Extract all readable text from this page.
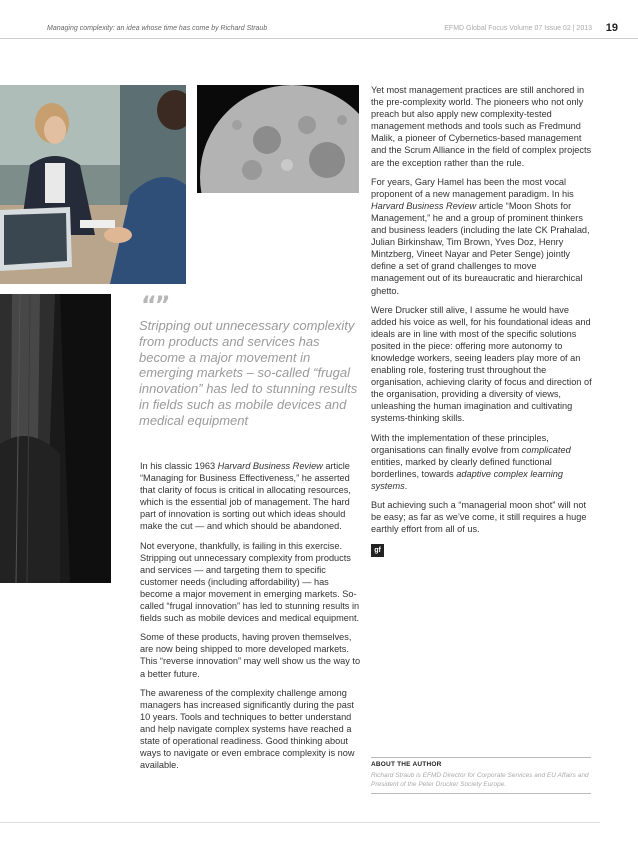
Managing complexity: an idea whose time has come by Richard Straub	EFMD Global Focus Volume 07 Issue 02 | 2013 19
“”
Stripping out unnecessary complexity from products and services has become a major movement in emerging markets – so-called “frugal innovation” has led to stunning results in fields such as mobile devices and medical equipment

In his classic 1963 Harvard Business Review article “Managing for Business Effectiveness,” he asserted that clarity of focus is critical in allocating resources, which is the essential job of management. The hard part of innovation is sorting out which ideas should make the cut — and which should be abandoned.

Not everyone, thankfully, is failing in this exercise. Stripping out unnecessary complexity from products and services — and targeting them to specific customer needs (including affordability) — has become a major movement in emerging markets. So-called “frugal innovation” has led to stunning results in fields such as mobile devices and medical equipment.

Some of these products, having proven themselves, are now being shipped to more developed markets. This “reverse innovation” may well show us the way to a better future.

The awareness of the complexity challenge among managers has increased significantly during the past 10 years. Tools and techniques to better understand and help navigate complex systems have reached a state of operational readiness. Good thinking about ways to navigate or even embrace complexity is now available.

Yet most management practices are still anchored in the pre-complexity world. The pioneers who not only preach but also apply new complexity-tested management methods and tools such as Fredmund Malik, a pioneer of Cybernetics-based management and the Scrum Alliance in the field of complex projects are the exception rather than the rule.

For years, Gary Hamel has been the most vocal proponent of a new management paradigm. In his Harvard Business Review article “Moon Shots for Management,” he and a group of prominent thinkers and business leaders (including the late CK Prahalad, Julian Birkinshaw, Tim Brown, Yves Doz, Henry Mintzberg, Vineet Nayar and Peter Senge) jointly define a set of grand challenges to move management out of its bureaucratic and hierarchical ghetto.

Were Drucker still alive, I assume he would have added his voice as well, for his foundational ideas and ideals are in line with most of the specific solutions posited in the piece: offering more autonomy to knowledge workers, seeing leaders play more of an enabling role, fostering trust throughout the organisation, achieving clarity of focus and direction of the organisation, providing a diversity of views, unleashing the human imagination and cultivating systems-thinking skills.

With the implementation of these principles, organisations can finally evolve from complicated entities, marked by clearly defined functional borderlines, towards adaptive complex learning systems.

But achieving such a “managerial moon shot” will not be easy; as far as we’ve come, it still requires a huge earthly effort from all of us.

gf
ABOUT THE AUTHOR
Richard Straub is EFMD Director for Corporate Services and EU Affairs and President of the Peter Drucker Society Europe.
